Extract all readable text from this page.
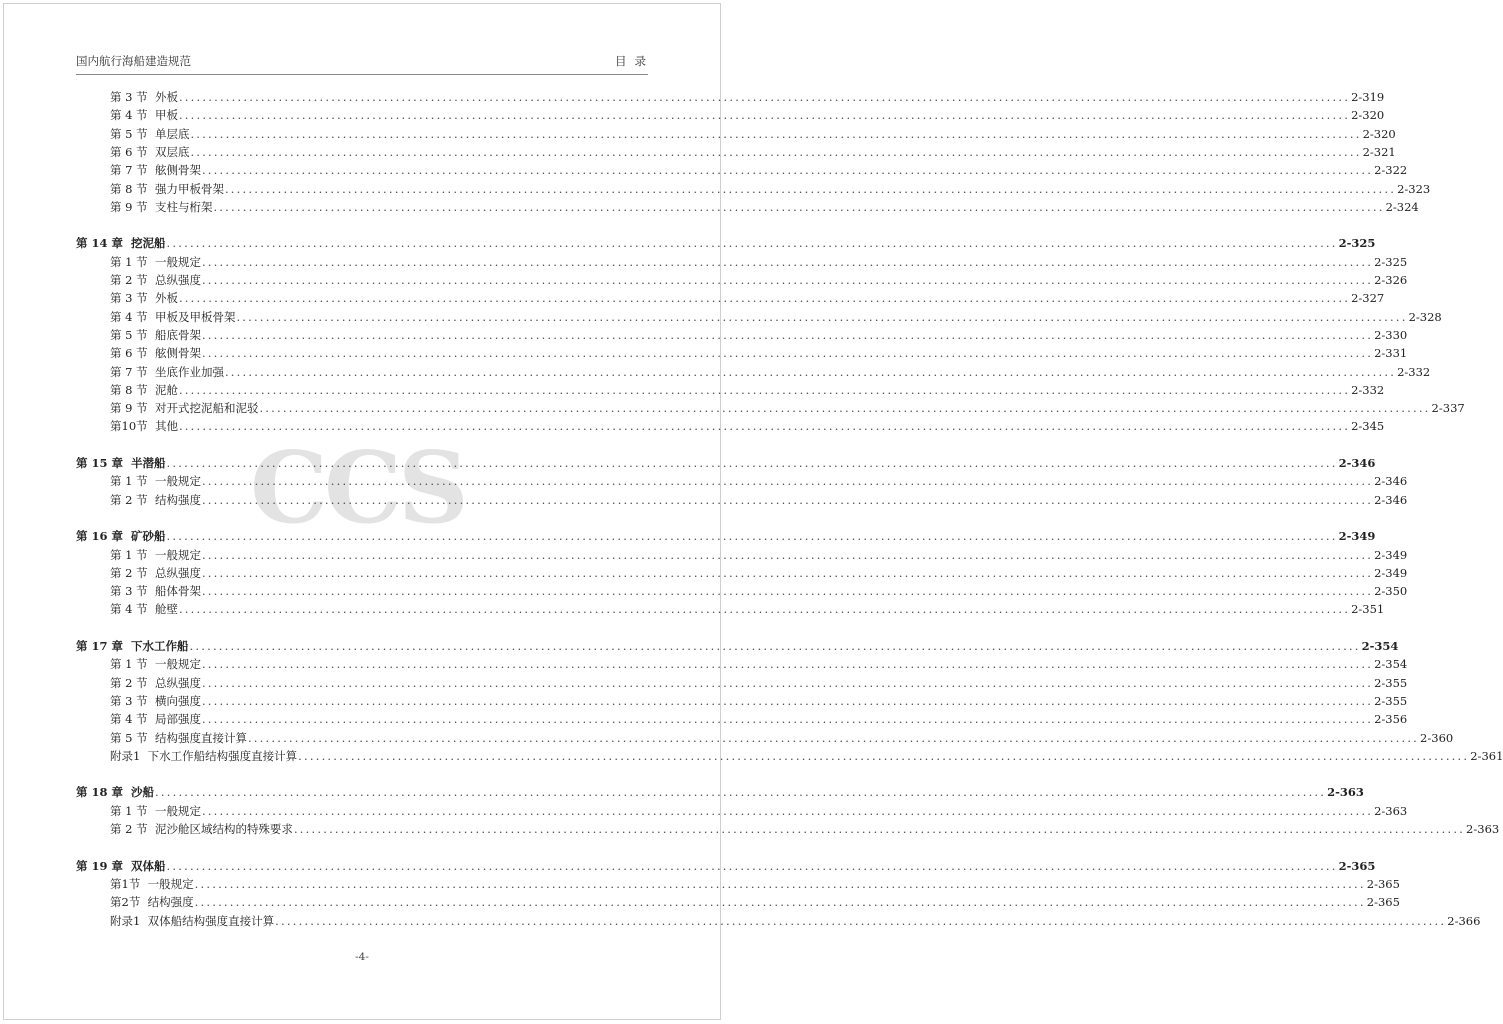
国内航行海船建造规范	目录
CCS
第 3 节  外板 ........................................................................................................................................................................................................ 2-319
第 4 节  甲板 ........................................................................................................................................................................................................ 2-320
第 5 节  单层底 ........................................................................................................................................................................................................ 2-320
第 6 节  双层底 ........................................................................................................................................................................................................ 2-321
第 7 节  舷侧骨架 ........................................................................................................................................................................................................ 2-322
第 8 节  强力甲板骨架 ........................................................................................................................................................................................................ 2-323
第 9 节  支柱与桁架 ........................................................................................................................................................................................................ 2-324
第 14 章  挖泥船 ........................................................................................................................................................................................................ 2-325
第 1 节  一般规定 ........................................................................................................................................................................................................ 2-325
第 2 节  总纵强度 ........................................................................................................................................................................................................ 2-326
第 3 节  外板 ........................................................................................................................................................................................................ 2-327
第 4 节  甲板及甲板骨架 ........................................................................................................................................................................................................ 2-328
第 5 节  船底骨架 ........................................................................................................................................................................................................ 2-330
第 6 节  舷侧骨架 ........................................................................................................................................................................................................ 2-331
第 7 节  坐底作业加强 ........................................................................................................................................................................................................ 2-332
第 8 节  泥舱 ........................................................................................................................................................................................................ 2-332
第 9 节  对开式挖泥船和泥驳 ........................................................................................................................................................................................................ 2-337
第10节  其他 ........................................................................................................................................................................................................ 2-345
第 15 章  半潜船 ........................................................................................................................................................................................................ 2-346
第 1 节  一般规定 ........................................................................................................................................................................................................ 2-346
第 2 节  结构强度 ........................................................................................................................................................................................................ 2-346
第 16 章  矿砂船 ........................................................................................................................................................................................................ 2-349
第 1 节  一般规定 ........................................................................................................................................................................................................ 2-349
第 2 节  总纵强度 ........................................................................................................................................................................................................ 2-349
第 3 节  船体骨架 ........................................................................................................................................................................................................ 2-350
第 4 节  舱壁 ........................................................................................................................................................................................................ 2-351
第 17 章  下水工作船 ........................................................................................................................................................................................................ 2-354
第 1 节  一般规定 ........................................................................................................................................................................................................ 2-354
第 2 节  总纵强度 ........................................................................................................................................................................................................ 2-355
第 3 节  横向强度 ........................................................................................................................................................................................................ 2-355
第 4 节  局部强度 ........................................................................................................................................................................................................ 2-356
第 5 节  结构强度直接计算 ........................................................................................................................................................................................................ 2-360
附录1  下水工作船结构强度直接计算 ........................................................................................................................................................................................................ 2-361
第 18 章  沙船 ........................................................................................................................................................................................................ 2-363
第 1 节  一般规定 ........................................................................................................................................................................................................ 2-363
第 2 节  泥沙舱区域结构的特殊要求 ........................................................................................................................................................................................................ 2-363
第 19 章  双体船 ........................................................................................................................................................................................................ 2-365
第1节  一般规定 ........................................................................................................................................................................................................ 2-365
第2节  结构强度 ........................................................................................................................................................................................................ 2-365
附录1  双体船结构强度直接计算 ........................................................................................................................................................................................................ 2-366
-4-
